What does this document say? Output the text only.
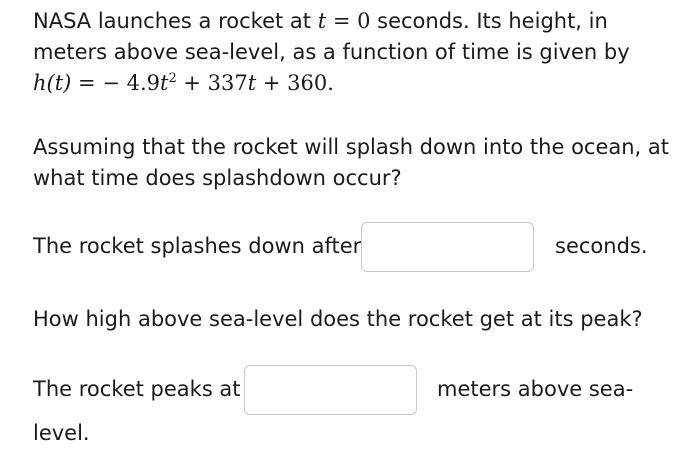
NASA launches a rocket at t = 0 seconds. Its height, in
meters above sea-level, as a function of time is given by
h(t) = − $4.9t^2 + 337t + 360$.

Assuming that the rocket will splash down into the ocean, at what time does splashdown occur?

The rocket splashes down after	seconds.

How high above sea-level does the rocket get at its peak?

The rocket peaks at	meters above sea-
level.
